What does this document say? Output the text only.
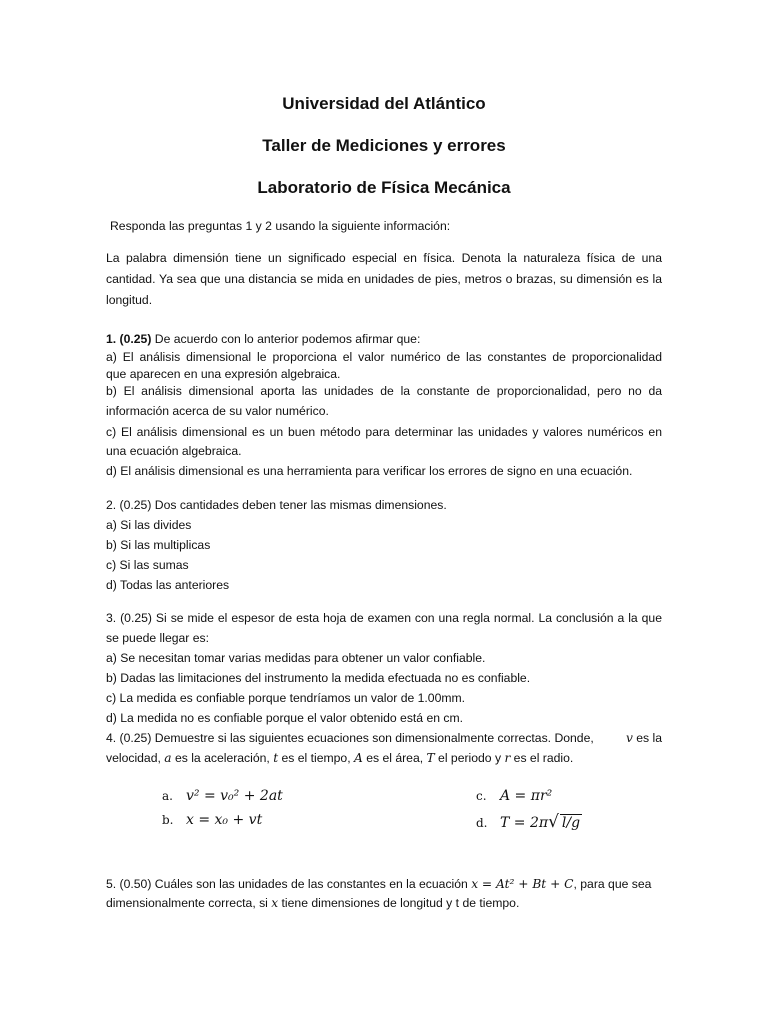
Universidad del Atlántico
Taller de Mediciones y errores
Laboratorio de Física Mecánica
Responda las preguntas 1 y 2 usando la siguiente información:
La palabra dimensión tiene un significado especial en física. Denota la naturaleza física de una
cantidad. Ya sea que una distancia se mida en unidades de pies, metros o brazas, su dimensión es la
longitud.
1. (0.25) De acuerdo con lo anterior podemos afirmar que:
a) El análisis dimensional le proporciona el valor numérico de las constantes de proporcionalidad
que aparecen en una expresión algebraica.
b) El análisis dimensional aporta las unidades de la constante de proporcionalidad, pero no da
información acerca de su valor numérico.
c) El análisis dimensional es un buen método para determinar las unidades y valores numéricos en
una ecuación algebraica.
d) El análisis dimensional es una herramienta para verificar los errores de signo en una ecuación.
2. (0.25) Dos cantidades deben tener las mismas dimensiones.
a) Si las divides
b) Si las multiplicas
c) Si las sumas
d) Todas las anteriores
3. (0.25) Si se mide el espesor de esta hoja de examen con una regla normal. La conclusión a la que
se puede llegar es:
a) Se necesitan tomar varias medidas para obtener un valor confiable.
b) Dadas las limitaciones del instrumento la medida efectuada no es confiable.
c) La medida es confiable porque tendríamos un valor de 1.00mm.
d) La medida no es confiable porque el valor obtenido está en cm.
4. (0.25) Demuestre si las siguientes ecuaciones son dimensionalmente correctas. Donde,	v es la
velocidad, a es la aceleración, t es el tiempo, A es el área, T el periodo y r es el radio.
a. v² = v₀² + 2at
b. x = x₀ + vt
c. A = πr²
d. T = 2π√ l/g
5. (0.50) Cuáles son las unidades de las constantes en la ecuación x = At² + Bt + C, para que sea
dimensionalmente correcta, si x tiene dimensiones de longitud y t de tiempo.
